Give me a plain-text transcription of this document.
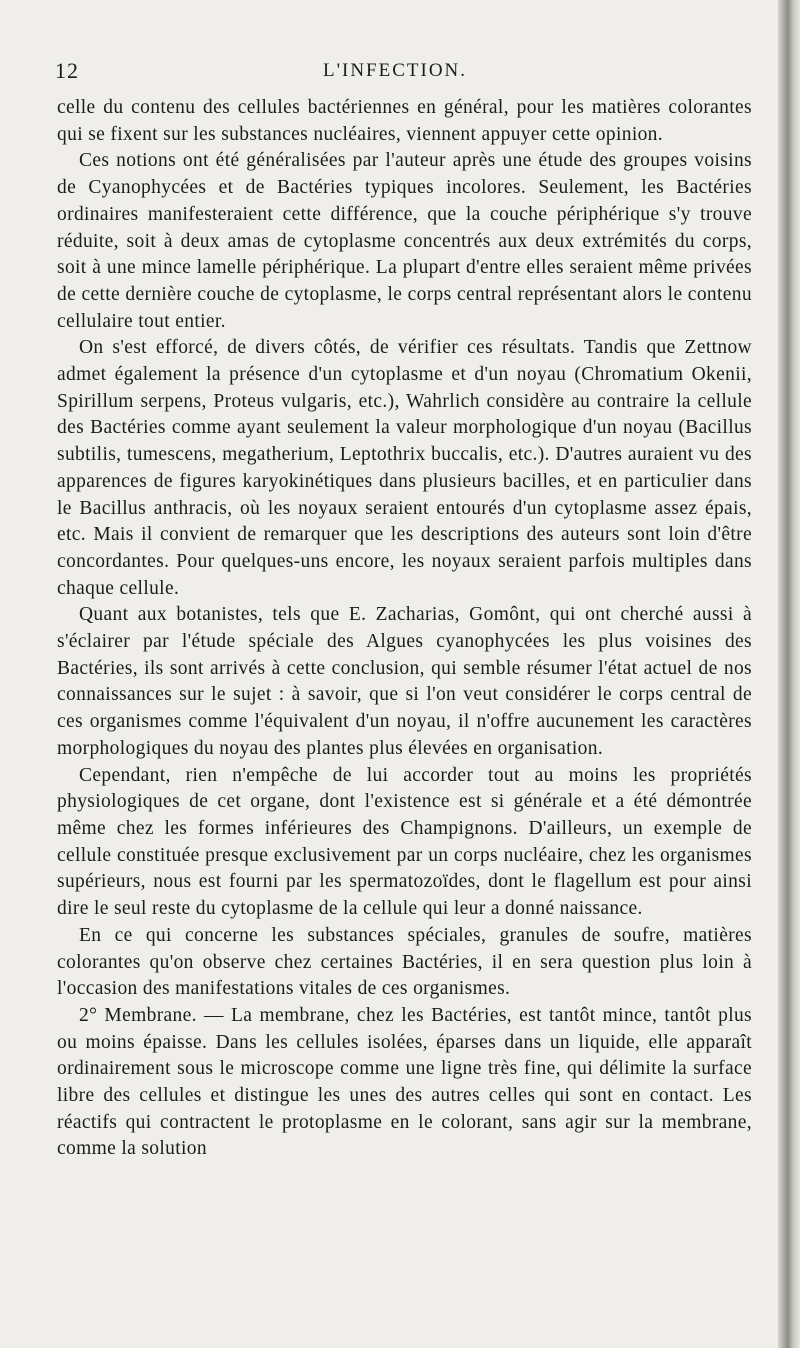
12	L'INFECTION.

celle du contenu des cellules bactériennes en général, pour les matières colorantes qui se fixent sur les substances nucléaires, viennent appuyer cette opinion.

Ces notions ont été généralisées par l'auteur après une étude des groupes voisins de Cyanophycées et de Bactéries typiques incolores. Seulement, les Bactéries ordinaires manifesteraient cette différence, que la couche périphérique s'y trouve réduite, soit à deux amas de cytoplasme concentrés aux deux extrémités du corps, soit à une mince lamelle périphérique. La plupart d'entre elles seraient même privées de cette dernière couche de cytoplasme, le corps central représentant alors le contenu cellulaire tout entier.

On s'est efforcé, de divers côtés, de vérifier ces résultats. Tandis que Zettnow admet également la présence d'un cytoplasme et d'un noyau (Chromatium Okenii, Spirillum serpens, Proteus vulgaris, etc.), Wahrlich considère au contraire la cellule des Bactéries comme ayant seulement la valeur morphologique d'un noyau (Bacillus subtilis, tumescens, megatherium, Leptothrix buccalis, etc.). D'autres auraient vu des apparences de figures karyokinétiques dans plusieurs bacilles, et en particulier dans le Bacillus anthracis, où les noyaux seraient entourés d'un cytoplasme assez épais, etc. Mais il convient de remarquer que les descriptions des auteurs sont loin d'être concordantes. Pour quelques-uns encore, les noyaux seraient parfois multiples dans chaque cellule.

Quant aux botanistes, tels que E. Zacharias, Gomônt, qui ont cherché aussi à s'éclairer par l'étude spéciale des Algues cyanophycées les plus voisines des Bactéries, ils sont arrivés à cette conclusion, qui semble résumer l'état actuel de nos connaissances sur le sujet : à savoir, que si l'on veut considérer le corps central de ces organismes comme l'équivalent d'un noyau, il n'offre aucunement les caractères morphologiques du noyau des plantes plus élevées en organisation.

Cependant, rien n'empêche de lui accorder tout au moins les propriétés physiologiques de cet organe, dont l'existence est si générale et a été démontrée même chez les formes inférieures des Champignons. D'ailleurs, un exemple de cellule constituée presque exclusivement par un corps nucléaire, chez les organismes supérieurs, nous est fourni par les spermatozoïdes, dont le flagellum est pour ainsi dire le seul reste du cytoplasme de la cellule qui leur a donné naissance.

En ce qui concerne les substances spéciales, granules de soufre, matières colorantes qu'on observe chez certaines Bactéries, il en sera question plus loin à l'occasion des manifestations vitales de ces organismes.

2° Membrane. — La membrane, chez les Bactéries, est tantôt mince, tantôt plus ou moins épaisse. Dans les cellules isolées, éparses dans un liquide, elle apparaît ordinairement sous le microscope comme une ligne très fine, qui délimite la surface libre des cellules et distingue les unes des autres celles qui sont en contact. Les réactifs qui contractent le protoplasme en le colorant, sans agir sur la membrane, comme la solution
